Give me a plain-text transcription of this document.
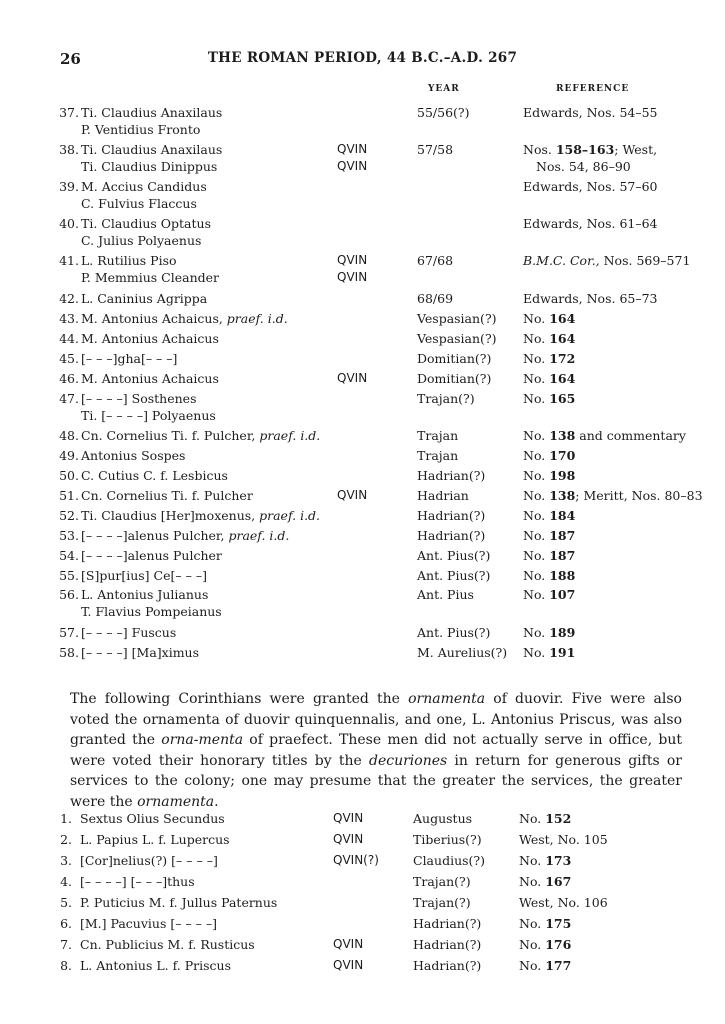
26	THE ROMAN PERIOD, 44 B.C.–A.D. 267
YEAR	REFERENCE
37. Ti. Claudius Anaxilaus	55/56(?)	Edwards, Nos. 54–55
P. Ventidius Fronto
38. Ti. Claudius Anaxilaus	QVIN	57/58	Nos. 158–163; West,
Ti. Claudius Dinippus	QVIN	Nos. 54, 86–90
39. M. Accius Candidus	Edwards, Nos. 57–60
C. Fulvius Flaccus
40. Ti. Claudius Optatus	Edwards, Nos. 61–64
C. Julius Polyaenus
41. L. Rutilius Piso	QVIN	67/68	B.M.C. Cor., Nos. 569–571
P. Memmius Cleander	QVIN
42. L. Caninius Agrippa	68/69	Edwards, Nos. 65–73
43. M. Antonius Achaicus, praef. i.d.	Vespasian(?) No. 164
44. M. Antonius Achaicus	Vespasian(?) No. 164
45. [– – –]gha[– – –]	Domitian(?)	No. 172
46. M. Antonius Achaicus	QVIN	Domitian(?)	No. 164
47. [– – – –] Sosthenes	Trajan(?)	No. 165
Ti. [– – – –] Polyaenus
48. Cn. Cornelius Ti. f. Pulcher, praef. i.d.	Trajan	No. 138 and commentary
49. Antonius Sospes	Trajan	No. 170
50. C. Cutius C. f. Lesbicus	Hadrian(?)	No. 198
51. Cn. Cornelius Ti. f. Pulcher	QVIN	Hadrian	No. 138; Meritt, Nos. 80–83
52. Ti. Claudius [Her]moxenus, praef. i.d.	Hadrian(?)	No. 184
53. [– – – –]alenus Pulcher, praef. i.d.	Hadrian(?)	No. 187
54. [– – – –]alenus Pulcher	Ant. Pius(?)	No. 187
55. [S]pur[ius] Ce[– – –]	Ant. Pius(?)	No. 188
56. L. Antonius Julianus	Ant. Pius	No. 107
T. Flavius Pompeianus
57. [– – – –] Fuscus	Ant. Pius(?)	No. 189
58. [– – – –] [Ma]ximus	M. Aurelius(?) No. 191
The following Corinthians were granted the ornamenta of duovir. Five were also voted the ornamenta of duovir quinquennalis, and one, L. Antonius Priscus, was also granted the orna-menta of praefect. These men did not actually serve in office, but were voted their honorary titles by the decuriones in return for generous gifts or services to the colony; one may presume that the greater the services, the greater were the ornamenta.
1. Sextus Olius Secundus	QVIN	Augustus	No. 152
2. L. Papius L. f. Lupercus	QVIN	Tiberius(?)	West, No. 105
3. [Cor]nelius(?) [– – – –]	QVIN(?)	Claudius(?)	No. 173
4. [– – – –] [– – –]thus	Trajan(?)	No. 167
5. P. Puticius M. f. Jullus Paternus	Trajan(?)	West, No. 106
6. [M.] Pacuvius [– – – –]	Hadrian(?)	No. 175
7. Cn. Publicius M. f. Rusticus	QVIN	Hadrian(?)	No. 176
8. L. Antonius L. f. Priscus	QVIN	Hadrian(?)	No. 177
